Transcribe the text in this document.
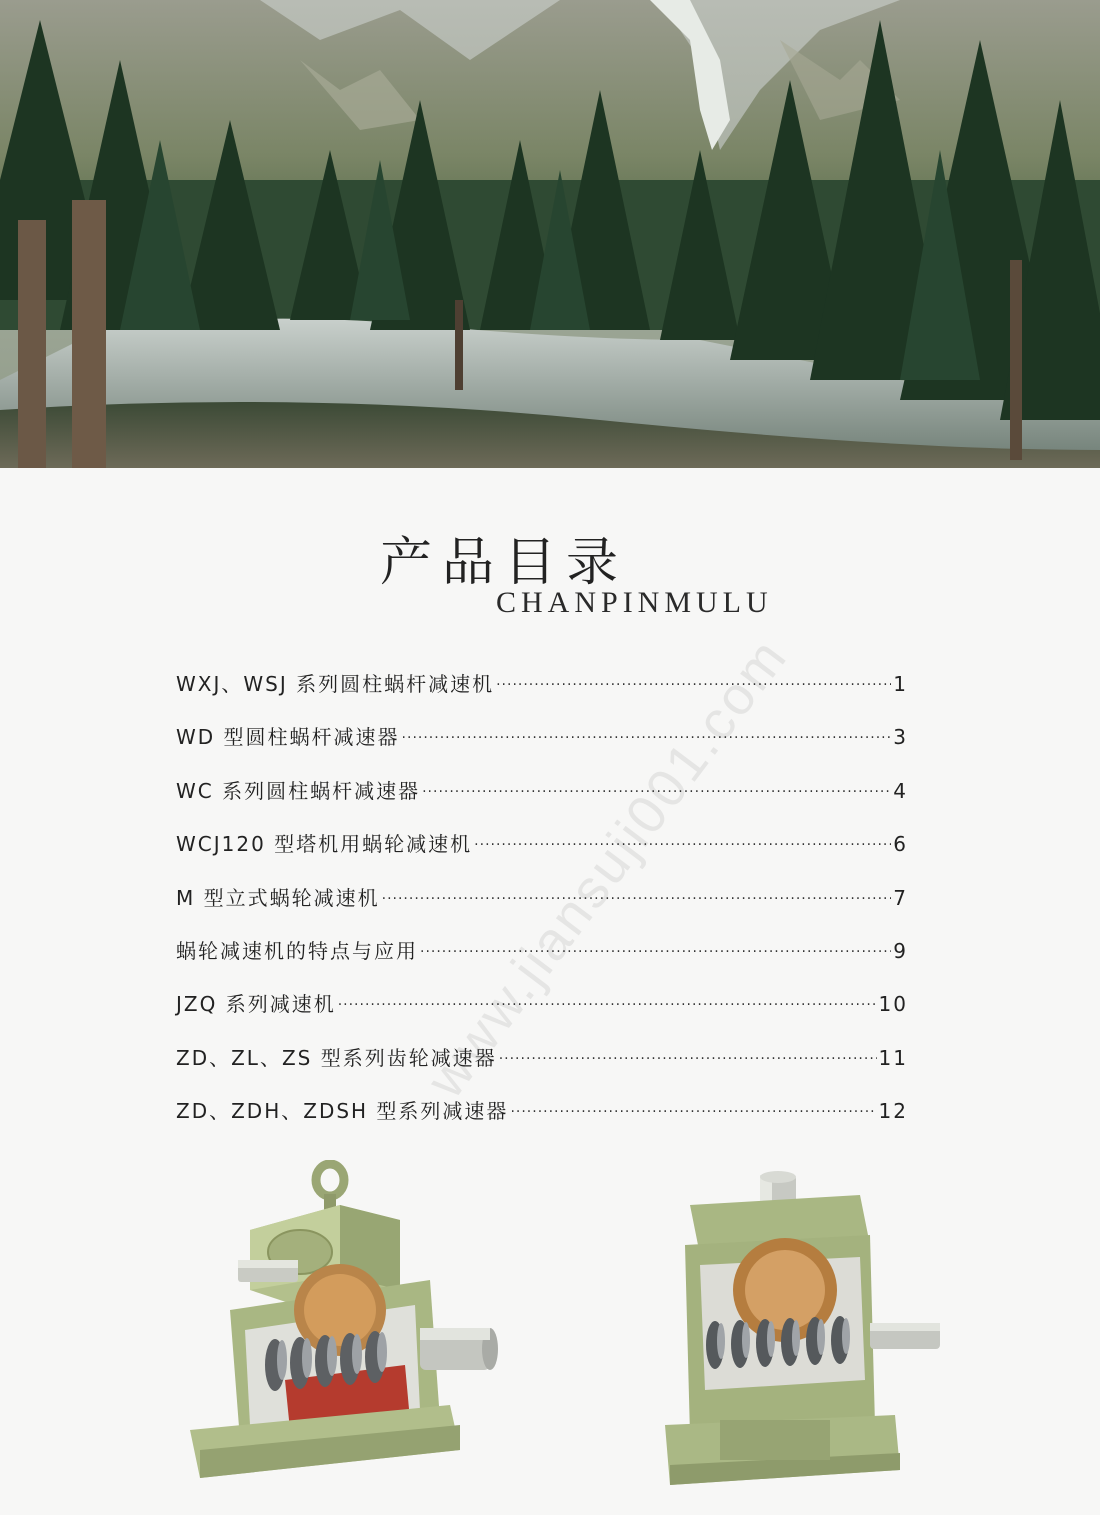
产品目录
CHANPINMULU
www.jiansuji001.com
WXJ、WSJ 系列圆柱蜗杆减速机 ·····	1
WD 型圆柱蜗杆减速器 ·····	3
WC 系列圆柱蜗杆减速器 ·····	4
WCJ120 型塔机用蜗轮减速机 ·····	6
M 型立式蜗轮减速机 ·····	7
蜗轮减速机的特点与应用 ·····	9
JZQ 系列减速机 ·····	10
ZD、ZL、ZS 型系列齿轮减速器 ·····	11
ZD、ZDH、ZDSH 型系列减速器 ·····	12
